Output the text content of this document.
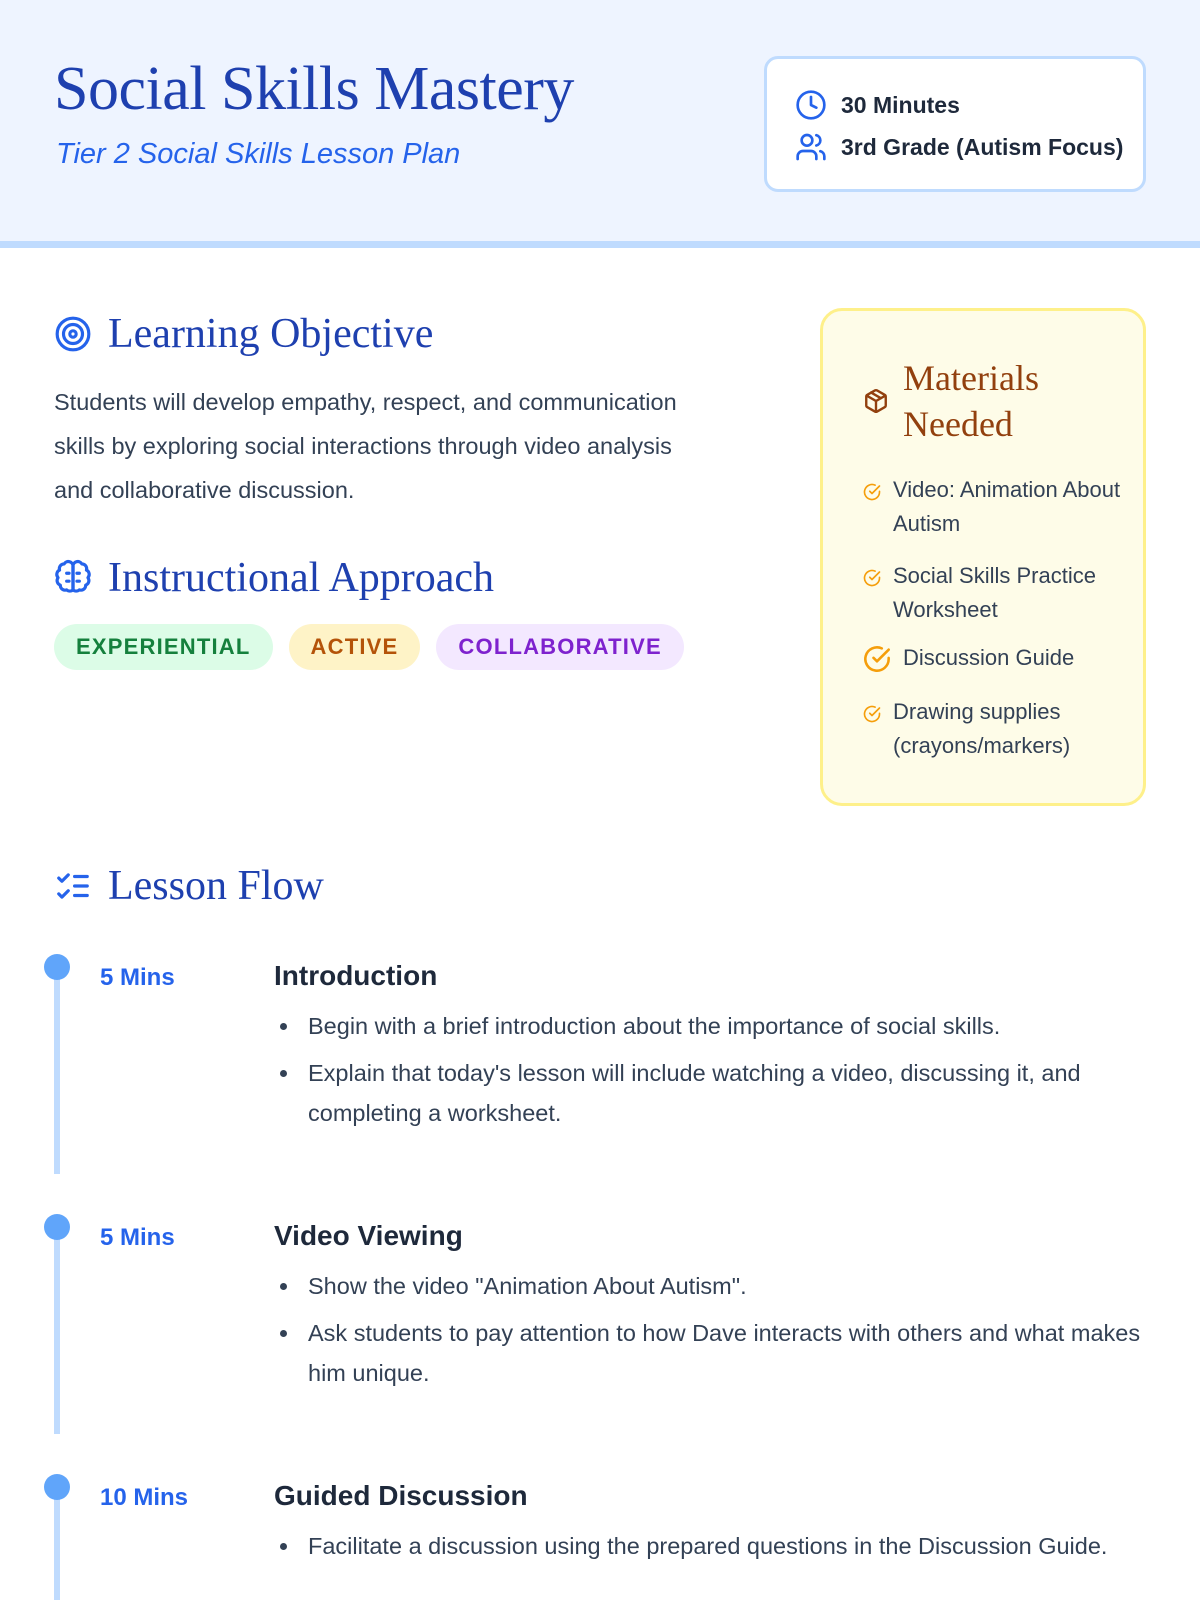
Social Skills Mastery
Tier 2 Social Skills Lesson Plan
30 Minutes
3rd Grade (Autism Focus)
Learning Objective

Students will develop empathy, respect, and communication skills by exploring social interactions through video analysis and collaborative discussion.

Instructional Approach
EXPERIENTIAL	ACTIVE	COLLABORATIVE
Materials Needed
Video: Animation About Autism
Social Skills Practice Worksheet
Discussion Guide
Drawing supplies (crayons/markers)
Lesson Flow
5 Mins	Introduction
Begin with a brief introduction about the importance of social skills.
Explain that today's lesson will include watching a video, discussing it, and completing a worksheet.
5 Mins	Video Viewing
Show the video "Animation About Autism".
Ask students to pay attention to how Dave interacts with others and what makes him unique.
10 Mins	Guided Discussion
Facilitate a discussion using the prepared questions in the Discussion Guide.
